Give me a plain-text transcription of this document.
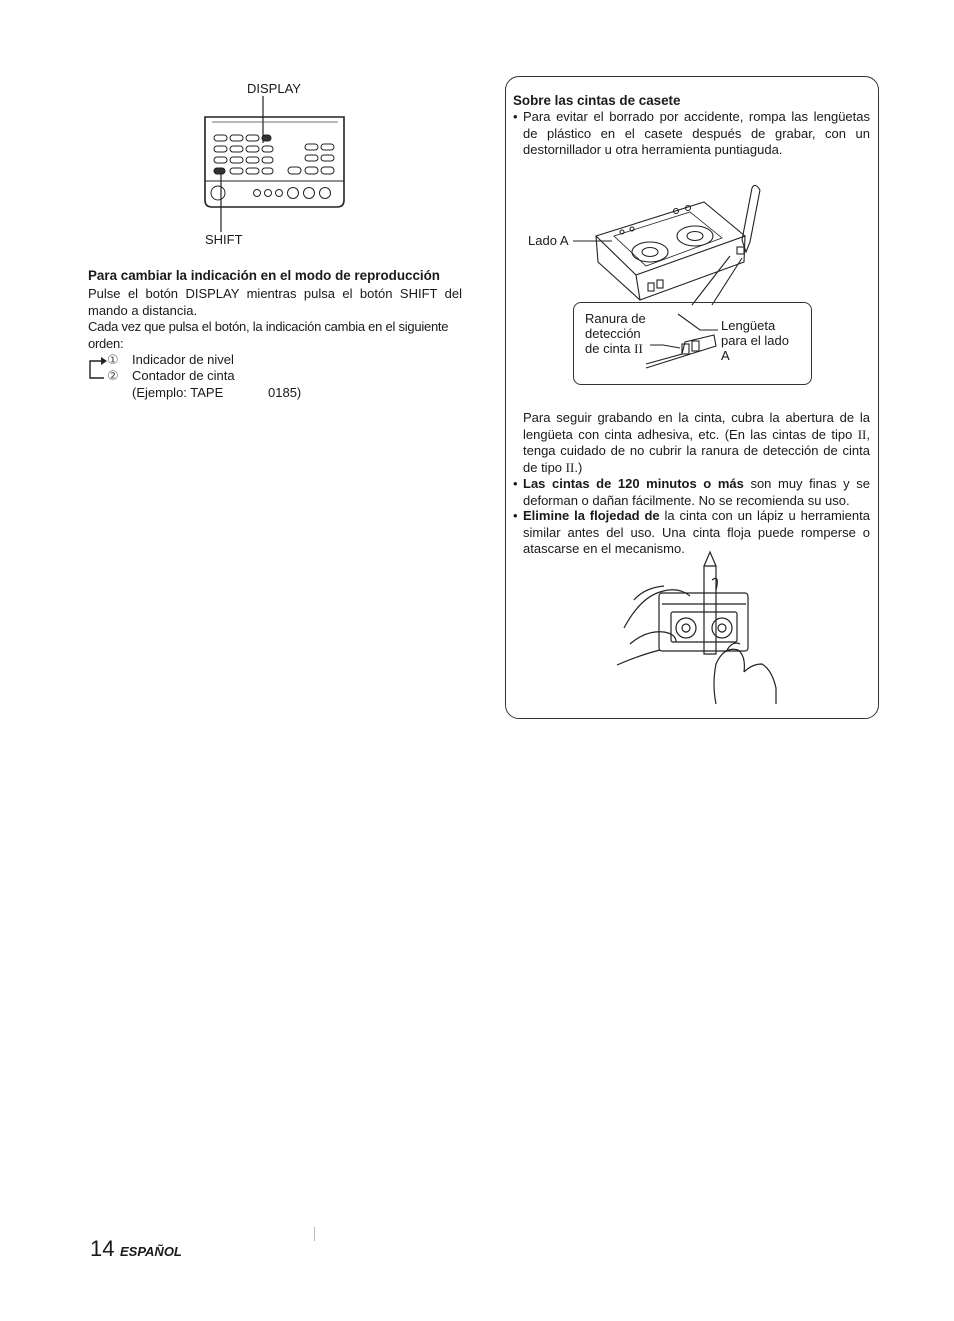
DISPLAY
SHIFT
Para cambiar la indicación en el modo de reproducción
Pulse el botón DISPLAY mientras pulsa el botón SHIFT del mando a distancia.
Cada vez que pulsa el botón, la indicación cambia en el siguiente orden:
① Indicador de nivel
② Contador de cinta
(Ejemplo: TAPE	0185)
Sobre las cintas de casete
• Para evitar el borrado por accidente, rompa las lengüetas de plástico en el casete después de grabar, con un destornillador u otra herramienta puntiaguda.
Lado A
Ranura de
detección
de cinta II
Lengüeta
para el lado
A
Para seguir grabando en la cinta, cubra la abertura de la lengüeta con cinta adhesiva, etc. (En las cintas de tipo II, tenga cuidado de no cubrir la ranura de detección de cinta de tipo II.)
• Las cintas de 120 minutos o más son muy finas y se deforman o dañan fácilmente. No se recomienda su uso.
• Elimine la flojedad de la cinta con un lápiz u herramienta similar antes del uso. Una cinta floja puede romperse o atascarse en el mecanismo.
14 ESPAÑOL
